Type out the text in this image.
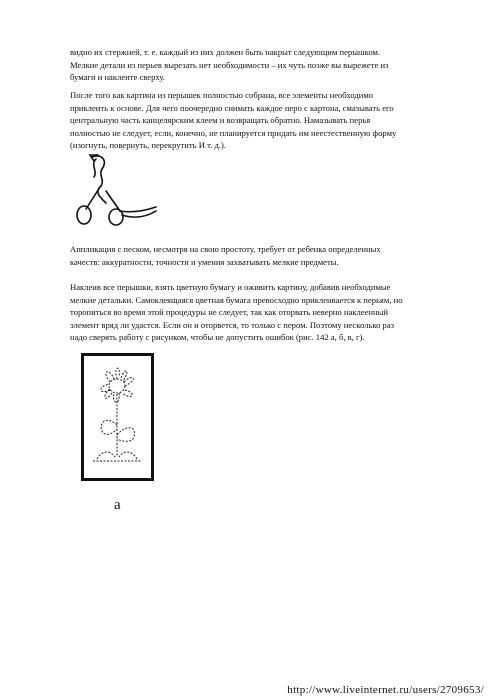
видно их стержней, т. е. каждый из них должен быть накрыт следующим перышком.
Мелкие детали из перьев вырезать нет необходимости – их чуть позже вы вырежете из
бумаги и наклеите сверху.

После того как картина из перышек полностью собрана, все элементы необходимо
приклеить к основе. Для чего поочередно снимать каждое перо с картона, смазывать его
центральную часть канцелярским клеем и возвращать обратно. Намазывать перья
полностью не следует, если, конечно, не планируется придать им неестественную форму
(изогнуть, повернуть, перекрутить И т. д.).

Аппликация с песком, несмотря на свою простоту, требует от ребенка определенных
качеств: аккуратности, точности и умения захватывать мелкие предметы.

Наклеив все перышки, взять цветную бумагу и оживить картину, добавив необходимые
мелкие детальки. Самоклеящаяся цветная бумага превосходно приклеивается к перьям, но
торопиться во время этой процедуры не следует, так как оторвать неверно наклеенный
элемент вряд ли удастся. Если он и оторвется, то только с пером. Поэтому несколько раз
надо сверять работу с рисунком, чтобы не допустить ошибок (рис. 142 а, б, в, г).

а
http://www.liveinternet.ru/users/2709653/
